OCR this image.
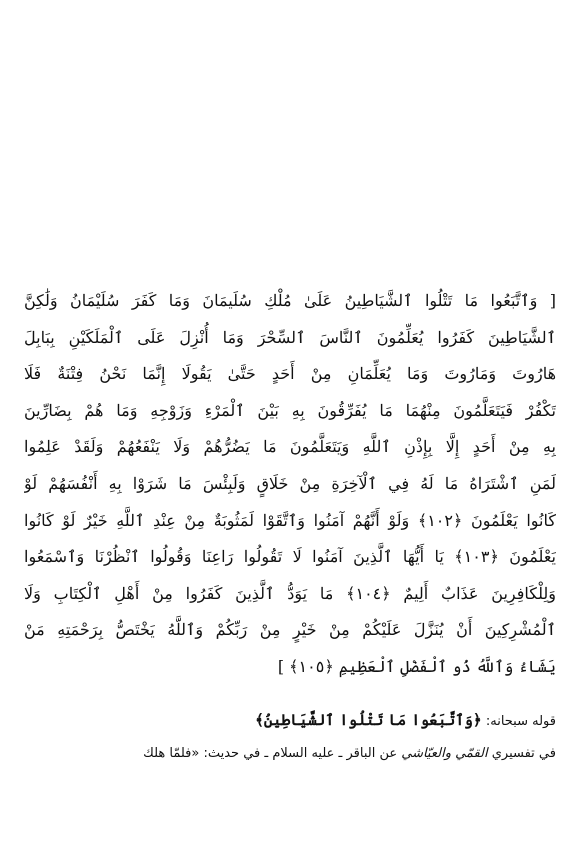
[ وَٱتَّبَعُوا مَا تَتْلُوا ٱلشَّيَاطِينُ عَلَىٰ مُلْكِ سُلَيمَانَ وَمَا كَفَرَ سُلَيْمَانُ وَلَٰكِنَّ
ٱلشَّيَاطِينَ كَفَرُوا يُعَلِّمُونَ ٱلنَّاسَ ٱلسِّحْرَ وَمَا أُنْزِلَ عَلَى ٱلْمَلَكَيْنِ بِبَابِلَ
هَارُوتَ وَمَارُوتَ وَمَا يُعَلِّمَانِ مِنْ أَحَدٍ حَتَّىٰ يَقُولَا إِنَّمَا نَحْنُ فِتْنَةٌ فَلَا
تَكْفُرْ فَيَتَعَلَّمُونَ مِنْهُمَا مَا يُفَرِّقُونَ بِهِ بَيْنَ ٱلْمَرْءِ وَزَوْجِهِ وَمَا هُمْ بِضَارِّينَ
بِهِ مِنْ أَحَدٍ إِلَّا بِإِذْنِ ٱللَّهِ وَيَتَعَلَّمُونَ مَا يَضُرُّهُمْ وَلَا يَنْفَعُهُمْ وَلَقَدْ عَلِمُوا
لَمَنِ ٱشْتَرَاهُ مَا لَهُ فِي ٱلْآخِرَةِ مِنْ خَلَاقٍ وَلَبِئْسَ مَا شَرَوْا بِهِ أَنْفُسَهُمْ لَوْ
كَانُوا يَعْلَمُونَ ﴿١٠٢﴾ وَلَوْ أَنَّهُمْ آمَنُوا وَٱتَّقَوْا لَمَثُوبَةٌ مِنْ عِنْدِ ٱللَّهِ خَيْرٌ لَوْ كَانُوا
يَعْلَمُونَ ﴿١٠٣﴾ يَا أَيُّهَا ٱلَّذِينَ آمَنُوا لَا تَقُولُوا رَاعِنَا وَقُولُوا ٱنْظُرْنَا وَٱسْمَعُوا
وَلِلْكَافِرِينَ عَذَابٌ أَلِيمٌ ﴿١٠٤﴾ مَا يَوَدُّ ٱلَّذِينَ كَفَرُوا مِنْ أَهْلِ ٱلْكِتَابِ وَلَا
ٱلْمُشْرِكِينَ أَنْ يُنَزَّلَ عَلَيْكُمْ مِنْ خَيْرٍ مِنْ رَبِّكُمْ وَٱللَّهُ يَخْتَصُّ بِرَحْمَتِهِ مَنْ
يَشَاءُ وَٱللَّهُ ذُو ٱلْفَضْلِ ٱلْعَظِيمِ ﴿١٠٥﴾ ]
قوله سبحانه: ﴿وَٱتَّبَعُوا مَا تَتْلُوا ٱلشَّيَاطِينُ﴾
في تفسيري القمّي والعيّاشي عن الباقر ـ عليه السلام ـ في حديث: «فلمّا هلك
